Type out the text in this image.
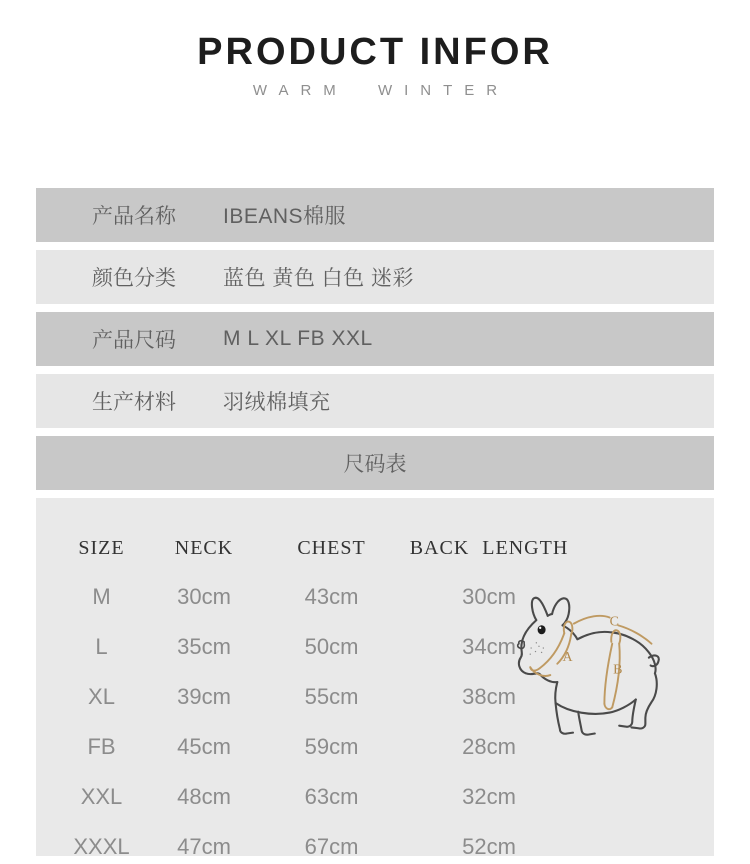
PRODUCT INFOR
WARM WINTER
产品名称	IBEANS棉服
颜色分类	蓝色 黄色 白色 迷彩
产品尺码	M L XL FB XXL
生产材料	羽绒棉填充
尺码表
SIZE	NECK	CHEST	BACK LENGTH
M	30cm	43cm	30cm
L	35cm	50cm	34cm
XL	39cm	55cm	38cm
FB	45cm	59cm	28cm
XXL	48cm	63cm	32cm
XXXL	47cm	67cm	52cm
A
B
C
